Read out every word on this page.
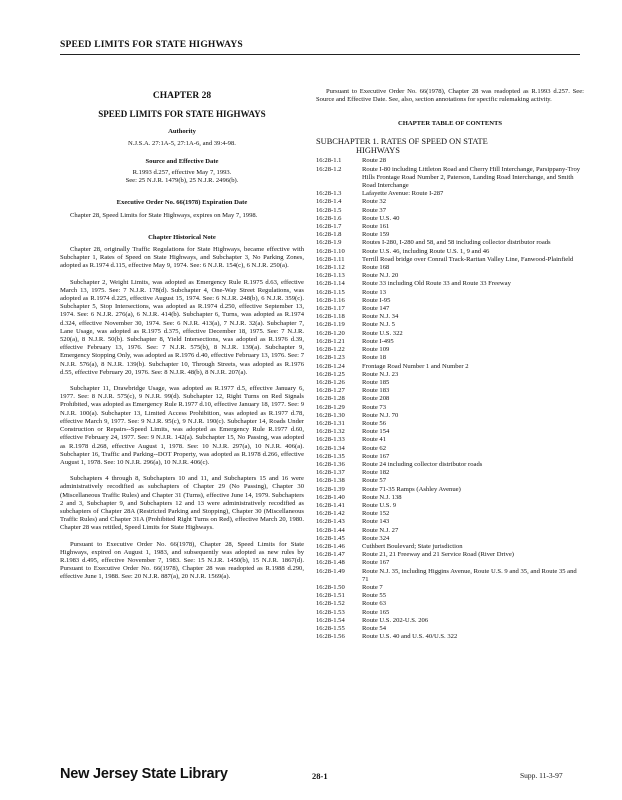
SPEED LIMITS FOR STATE HIGHWAYS
CHAPTER 28
SPEED LIMITS FOR STATE HIGHWAYS
Authority
N.J.S.A. 27:1A-5, 27:1A-6, and 39:4-98.
Source and Effective Date
R.1993 d.257, effective May 7, 1993.
See: 25 N.J.R. 1479(b), 25 N.J.R. 2496(b).
Executive Order No. 66(1978) Expiration Date
Chapter 28, Speed Limits for State Highways, expires on May 7, 1998.
Chapter Historical Note
Chapter 28, originally Traffic Regulations for State Highways, became effective with Subchapter 1, Rates of Speed on State Highways, and Subchapter 3, No Parking Zones, adopted as R.1974 d.115, effective May 9, 1974. See: 6 N.J.R. 154(c), 6 N.J.R. 250(a).
Subchapter 2, Weight Limits, was adopted as Emergency Rule R.1975 d.63, effective March 13, 1975. See: 7 N.J.R. 178(d). Subchapter 4, One-Way Street Regulations, was adopted as R.1974 d.225, effective August 15, 1974. See: 6 N.J.R. 248(b), 6 N.J.R. 359(c). Subchapter 5, Stop Intersections, was adopted as R.1974 d.250, effective September 13, 1974. See: 6 N.J.R. 276(a), 6 N.J.R. 414(b). Subchapter 6, Turns, was adopted as R.1974 d.324, effective November 30, 1974. See: 6 N.J.R. 413(a), 7 N.J.R. 32(a). Subchapter 7, Lane Usage, was adopted as R.1975 d.375, effective December 18, 1975. See: 7 N.J.R. 520(a), 8 N.J.R. 50(b). Subchapter 8, Yield Intersections, was adopted as R.1976 d.39, effective February 13, 1976. See: 7 N.J.R. 575(b), 8 N.J.R. 139(a). Subchapter 9, Emergency Stopping Only, was adopted as R.1976 d.40, effective February 13, 1976. See: 7 N.J.R. 576(a), 8 N.J.R. 139(b). Subchapter 10, Through Streets, was adopted as R.1976 d.55, effective February 20, 1976. See: 8 N.J.R. 48(b), 8 N.J.R. 207(a).
Subchapter 11, Drawbridge Usage, was adopted as R.1977 d.5, effective January 6, 1977. See: 8 N.J.R. 575(c), 9 N.J.R. 99(d). Subchapter 12, Right Turns on Red Signals Prohibited, was adopted as Emergency Rule R.1977 d.10, effective January 18, 1977. See: 9 N.J.R. 100(a). Subchapter 13, Limited Access Prohibition, was adopted as R.1977 d.78, effective March 9, 1977. See: 9 N.J.R. 95(c), 9 N.J.R. 190(c). Subchapter 14, Roads Under Construction or Repairs--Speed Limits, was adopted as Emergency Rule R.1977 d.60, effective February 24, 1977. See: 9 N.J.R. 142(a). Subchapter 15, No Passing, was adopted as R.1978 d.268, effective August 1, 1978. See: 10 N.J.R. 297(a), 10 N.J.R. 406(a). Subchapter 16, Traffic and Parking--DOT Property, was adopted as R.1978 d.266, effective August 1, 1978. See: 10 N.J.R. 296(a), 10 N.J.R. 406(c).
Subchapters 4 through 8, Subchapters 10 and 11, and Subchapters 15 and 16 were administratively recodified as subchapters of Chapter 29 (No Passing), Chapter 30 (Miscellaneous Traffic Rules) and Chapter 31 (Turns), effective June 14, 1979. Subchapters 2 and 3, Subchapter 9, and Subchapters 12 and 13 were administratively recodified as subchapters of Chapter 28A (Restricted Parking and Stopping), Chapter 30 (Miscellaneous Traffic Rules) and Chapter 31A (Prohibited Right Turns on Red), effective March 20, 1980. Chapter 28 was retitled, Speed Limits for State Highways.
Pursuant to Executive Order No. 66(1978), Chapter 28, Speed Limits for State Highways, expired on August 1, 1983, and subsequently was adopted as new rules by R.1983 d.495, effective November 7, 1983. See: 15 N.J.R. 1450(b), 15 N.J.R. 1867(d). Pursuant to Executive Order No. 66(1978), Chapter 28 was readopted as R.1988 d.290, effective June 1, 1988. See: 20 N.J.R. 887(a), 20 N.J.R. 1569(a).
Pursuant to Executive Order No. 66(1978), Chapter 28 was readopted as R.1993 d.257. See: Source and Effective Date. See, also, section annotations for specific rulemaking activity.
CHAPTER TABLE OF CONTENTS
SUBCHAPTER 1. RATES OF SPEED ON STATE
HIGHWAYS
16:28-1.1	Route 28
16:28-1.2	Route I-80 including Littleton Road and Cherry Hill Interchange, Parsippany-Troy Hills Frontage Road Number 2, Paterson, Landing Road Interchange, and Smith Road Interchange
16:28-1.3	Lafayette Avenue: Route I-287
16:28-1.4	Route 32
16:28-1.5	Route 37
16:28-1.6	Route U.S. 40
16:28-1.7	Route 161
16:28-1.8	Route 159
16:28-1.9	Routes I-280, I-280 and 58, and 58 including collector distributor roads
16:28-1.10	Route U.S. 46, including Route U.S. 1, 9 and 46
16:28-1.11	Terrill Road bridge over Conrail Track-Raritan Valley Line, Fanwood-Plainfield
16:28-1.12	Route 168
16:28-1.13	Route N.J. 20
16:28-1.14	Route 33 including Old Route 33 and Route 33 Freeway
16:28-1.15	Route 13
16:28-1.16	Route I-95
16:28-1.17	Route 147
16:28-1.18	Route N.J. 34
16:28-1.19	Route N.J. 5
16:28-1.20	Route U.S. 322
16:28-1.21	Route I-495
16:28-1.22	Route 109
16:28-1.23	Route 18
16:28-1.24	Frontage Road Number 1 and Number 2
16:28-1.25	Route N.J. 23
16:28-1.26	Route 185
16:28-1.27	Route 183
16:28-1.28	Route 208
16:28-1.29	Route 73
16:28-1.30	Route N.J. 70
16:28-1.31	Route 56
16:28-1.32	Route 154
16:28-1.33	Route 41
16:28-1.34	Route 62
16:28-1.35	Route 167
16:28-1.36	Route 24 including collector distributor roads
16:28-1.37	Route 182
16:28-1.38	Route 57
16:28-1.39	Route 71-35 Ramps (Ashley Avenue)
16:28-1.40	Route N.J. 138
16:28-1.41	Route U.S. 9
16:28-1.42	Route 152
16:28-1.43	Route 143
16:28-1.44	Route N.J. 27
16:28-1.45	Route 324
16:28-1.46	Cuthbert Boulevard; State jurisdiction
16:28-1.47	Route 21, 21 Freeway and 21 Service Road (River Drive)
16:28-1.48	Route 167
16:28-1.49	Route N.J. 35, including Higgins Avenue, Route U.S. 9 and 35, and Route 35 and 71
16:28-1.50	Route 7
16:28-1.51	Route 55
16:28-1.52	Route 63
16:28-1.53	Route 165
16:28-1.54	Route U.S. 202-U.S. 206
16:28-1.55	Route 54
16:28-1.56	Route U.S. 40 and U.S. 40/U.S. 322
New Jersey State Library	28-1	Supp. 11-3-97
